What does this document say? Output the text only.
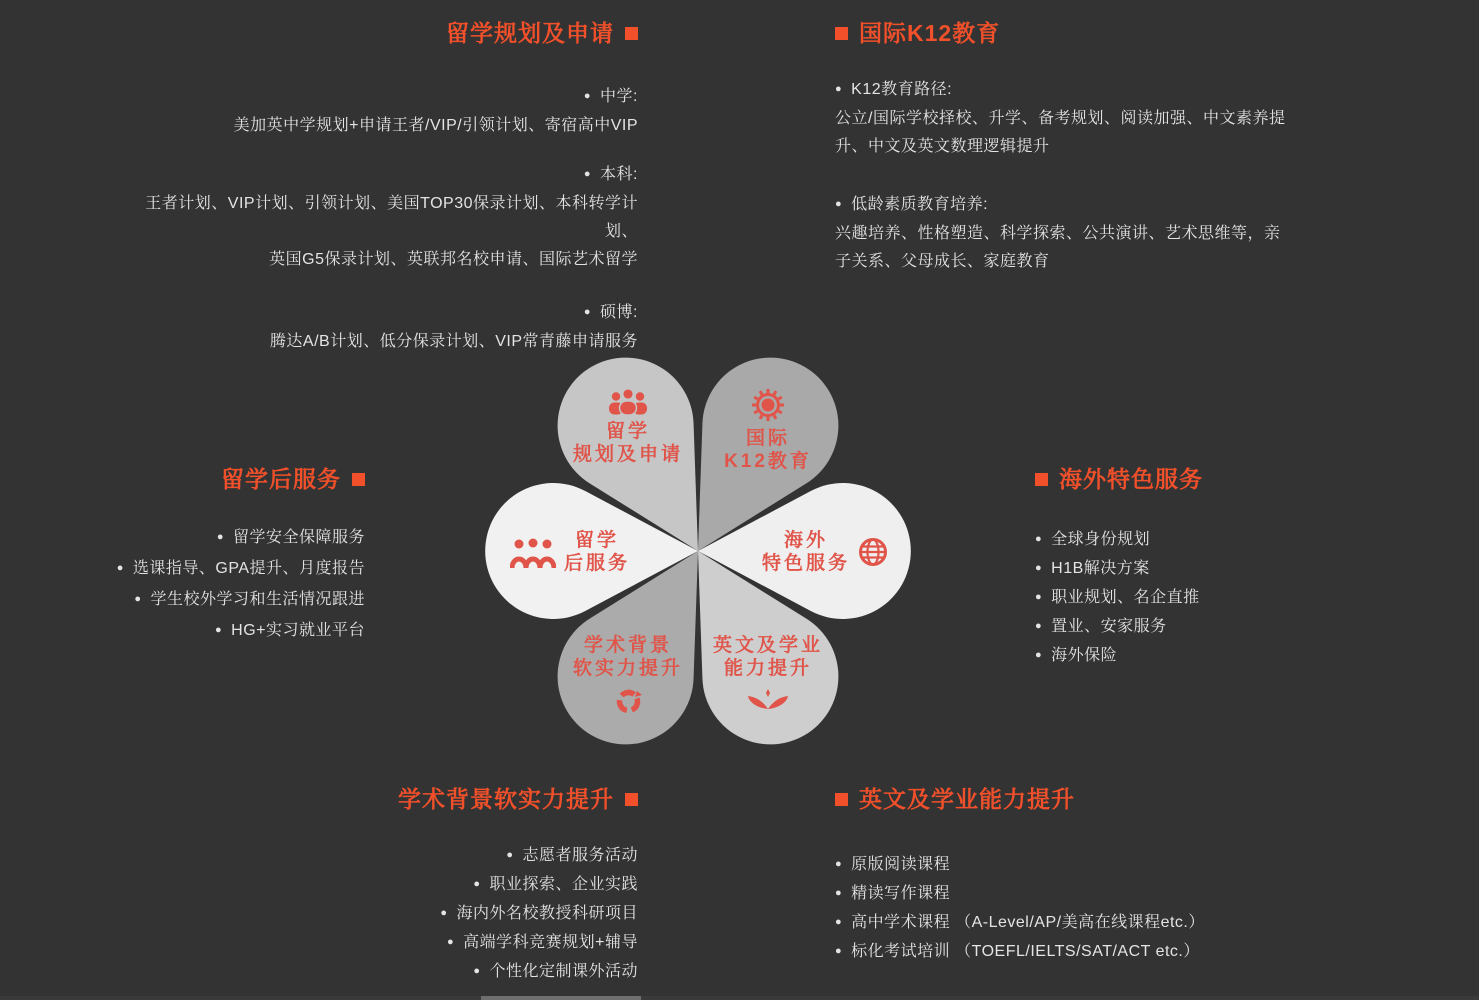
留学规划及申请
● 中学:
美加英中学规划+申请王者/VIP/引领计划、寄宿高中VIP
● 本科:
王者计划、VIP计划、引领计划、美国TOP30保录计划、本科转学计划、
英国G5保录计划、英联邦名校申请、国际艺术留学
● 硕博:
腾达A/B计划、低分保录计划、VIP常青藤申请服务
国际K12教育
● K12教育路径:
公立/国际学校择校、升学、备考规划、阅读加强、中文素养提
升、中文及英文数理逻辑提升
● 低龄素质教育培养:
兴趣培养、性格塑造、科学探索、公共演讲、艺术思维等，亲
子关系、父母成长、家庭教育
留学后服务
● 留学安全保障服务
● 选课指导、GPA提升、月度报告
● 学生校外学习和生活情况跟进
● HG+实习就业平台
海外特色服务
● 全球身份规划
● H1B解决方案
● 职业规划、名企直推
● 置业、安家服务
● 海外保险
学术背景软实力提升
● 志愿者服务活动
● 职业探索、企业实践
● 海内外名校教授科研项目
● 高端学科竞赛规划+辅导
● 个性化定制课外活动
英文及学业能力提升
● 原版阅读课程
● 精读写作课程
● 高中学术课程 （A-Level/AP/美高在线课程etc.）
● 标化考试培训 （TOEFL/IELTS/SAT/ACT etc.）
留学
规划及申请
国际
K12教育
留学
后服务
海外
特色服务
学术背景
软实力提升
英文及学业
能力提升
